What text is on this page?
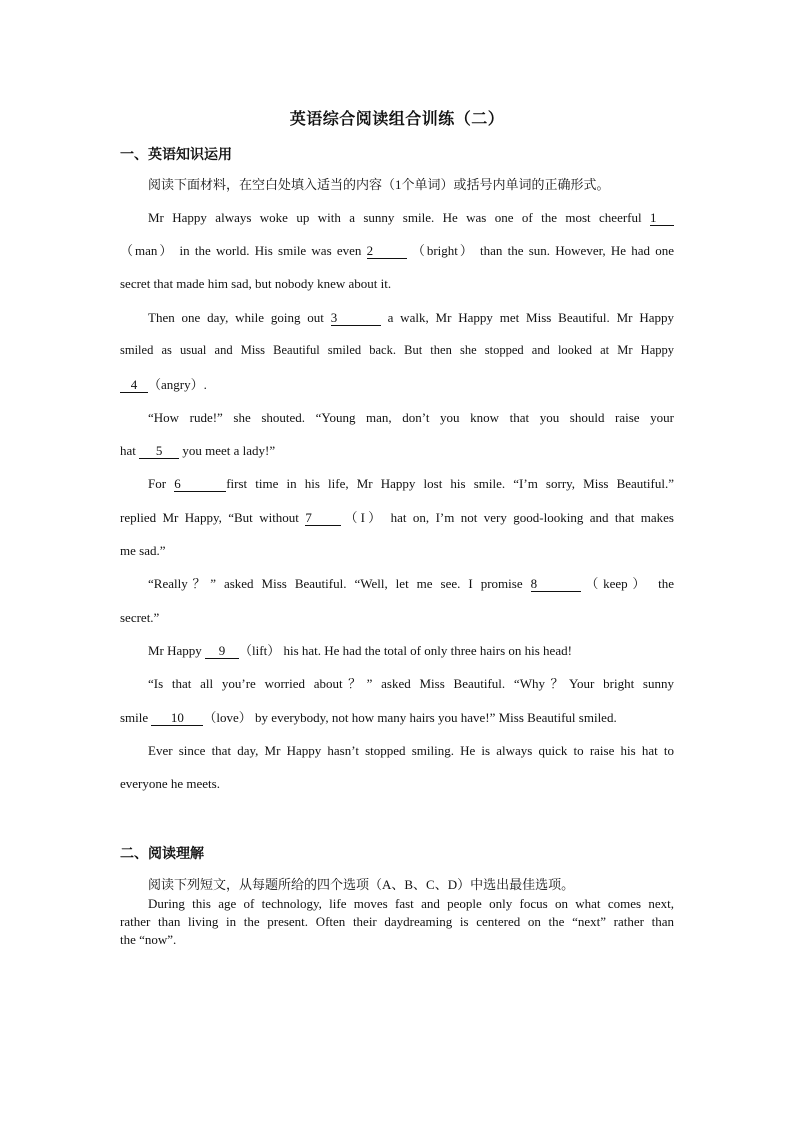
英语综合阅读组合训练（二）
一、英语知识运用
阅读下面材料，在空白处填入适当的内容（1个单词）或括号内单词的正确形式。
Mr Happy always woke up with a sunny smile. He was one of the most cheerful 1
（man） in the world. His smile was even 2	（bright） than the sun. However, He had one
secret that made him sad, but nobody knew about it.
Then one day, while going out 3	a walk, Mr Happy met Miss Beautiful. Mr Happy
smiled as usual and Miss Beautiful smiled back. But then she stopped and looked at Mr Happy
4 （angry）.
“How rude!” she shouted. “Young man, don’t you know that you should raise your
hat 5 you meet a lady!”
For 6	first time in his life, Mr Happy lost his smile. “I’m sorry, Miss Beautiful.”
replied Mr Happy, “But without 7 （I） hat on, I’m not very good-looking and that makes
me sad.”
“Really？” asked Miss Beautiful. “Well, let me see. I promise 8	（keep） the
secret.”
Mr Happy 9 （lift） his hat. He had the total of only three hairs on his head!
“Is that all you’re worried about？” asked Miss Beautiful. “Why？Your bright sunny
smile 10 （love） by everybody, not how many hairs you have!” Miss Beautiful smiled.
Ever since that day, Mr Happy hasn’t stopped smiling. He is always quick to raise his hat to
everyone he meets.
二、阅读理解
阅读下列短文，从每题所给的四个选项（A、B、C、D）中选出最佳选项。
During this age of technology, life moves fast and people only focus on what comes next,
rather than living in the present. Often their daydreaming is centered on the “next” rather than
the “now”.
